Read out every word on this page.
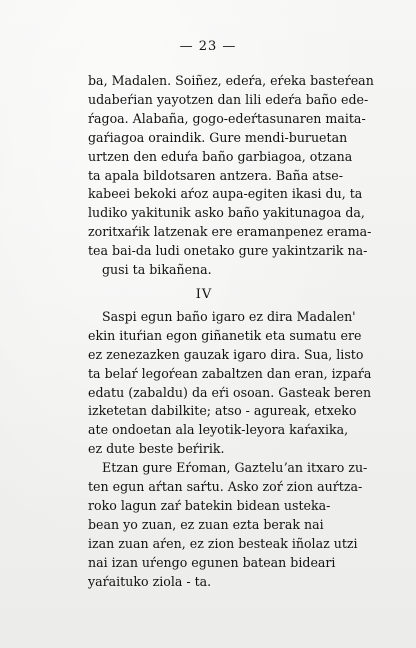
— 23 —
ba, Madalen. Soiñez, edeŕa, eŕeka basteŕean
udabeŕian yayotzen dan lili edeŕa baño ede-
ŕagoa. Alabaña, gogo-edeŕtasunaren maita-
gaŕiagoa oraindik. Gure mendi-buruetan
urtzen den eduŕa baño garbiagoa, otzana
ta apala bildotsaren antzera. Baña atse-
kabeei bekoki aŕoz aupa-egiten ikasi du, ta
ludiko yakitunik asko baño yakitunagoa da,
zoritxaŕik latzenak ere eramanpenez erama-
tea bai-da ludi onetako gure yakintzarik na-
gusi ta bikañena.
IV
Saspi egun baño igaro ez dira Madalen'
ekin ituŕian egon giñanetik eta sumatu ere
ez zenezazken gauzak igaro dira. Sua, listo
ta belaŕ legoŕean zabaltzen dan eran, izpaŕa
edatu (zabaldu) da eŕi osoan. Gasteak beren
izketetan dabilkite; atso - agureak, etxeko
ate ondoetan ala leyotik-leyora kaŕaxika,
ez dute beste beŕirik.
Etzan gure Eŕoman, Gazteluʼan itxaro zu-
ten egun aŕtan saŕtu. Asko zoŕ zion auŕtza-
roko lagun zaŕ batekin bidean usteka-
bean yo zuan, ez zuan ezta berak nai
izan zuan aŕen, ez zion besteak iñolaz utzi
nai izan uŕengo egunen batean bideari
yaŕaituko ziola - ta.
